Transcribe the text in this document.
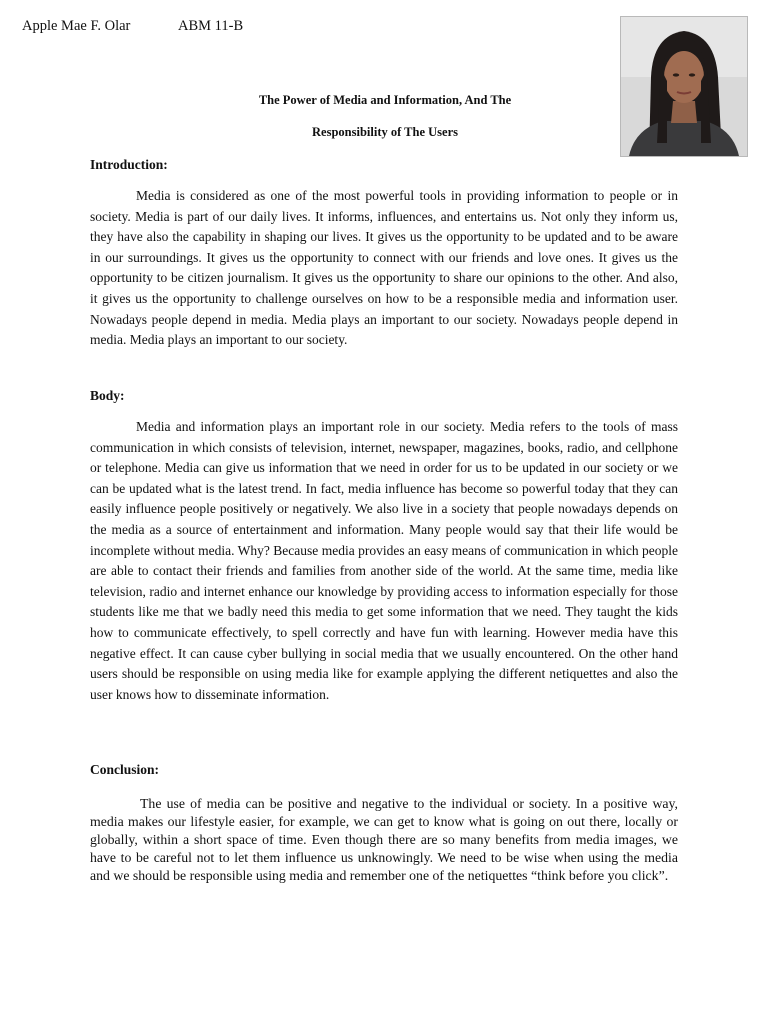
Apple Mae F. Olar	ABM 11-B
The Power of Media and Information, And The
Responsibility of The Users
Introduction:

Media is considered as one of the most powerful tools in providing information to people or in society. Media is part of our daily lives. It informs, influences, and entertains us. Not only they inform us, they have also the capability in shaping our lives. It gives us the opportunity to be updated and to be aware in our surroundings. It gives us the opportunity to connect with our friends and love ones. It gives us the opportunity to be citizen journalism. It gives us the opportunity to share our opinions to the other. And also, it gives us the opportunity to challenge ourselves on how to be a responsible media and information user. Nowadays people depend in media. Media plays an important to our society. Nowadays people depend in media. Media plays an important to our society.

Body:

Media and information plays an important role in our society. Media refers to the tools of mass communication in which consists of television, internet, newspaper, magazines, books, radio, and cellphone or telephone. Media can give us information that we need in order for us to be updated in our society or we can be updated what is the latest trend. In fact, media influence has become so powerful today that they can easily influence people positively or negatively. We also live in a society that people nowadays depends on the media as a source of entertainment and information. Many people would say that their life would be incomplete without media. Why? Because media provides an easy means of communication in which people are able to contact their friends and families from another side of the world. At the same time, media like television, radio and internet enhance our knowledge by providing access to information especially for those students like me that we badly need this media to get some information that we need. They taught the kids how to communicate effectively, to spell correctly and have fun with learning. However media have this negative effect. It can cause cyber bullying in social media that we usually encountered. On the other hand users should be responsible on using media like for example applying the different netiquettes and also the user knows how to disseminate information.

Conclusion:

The use of media can be positive and negative to the individual or society. In a positive way, media makes our lifestyle easier, for example, we can get to know what is going on out there, locally or globally, within a short space of time. Even though there are so many benefits from media images, we have to be careful not to let them influence us unknowingly. We need to be wise when using the media and we should be responsible using media and remember one of the netiquettes “think before you click”.
